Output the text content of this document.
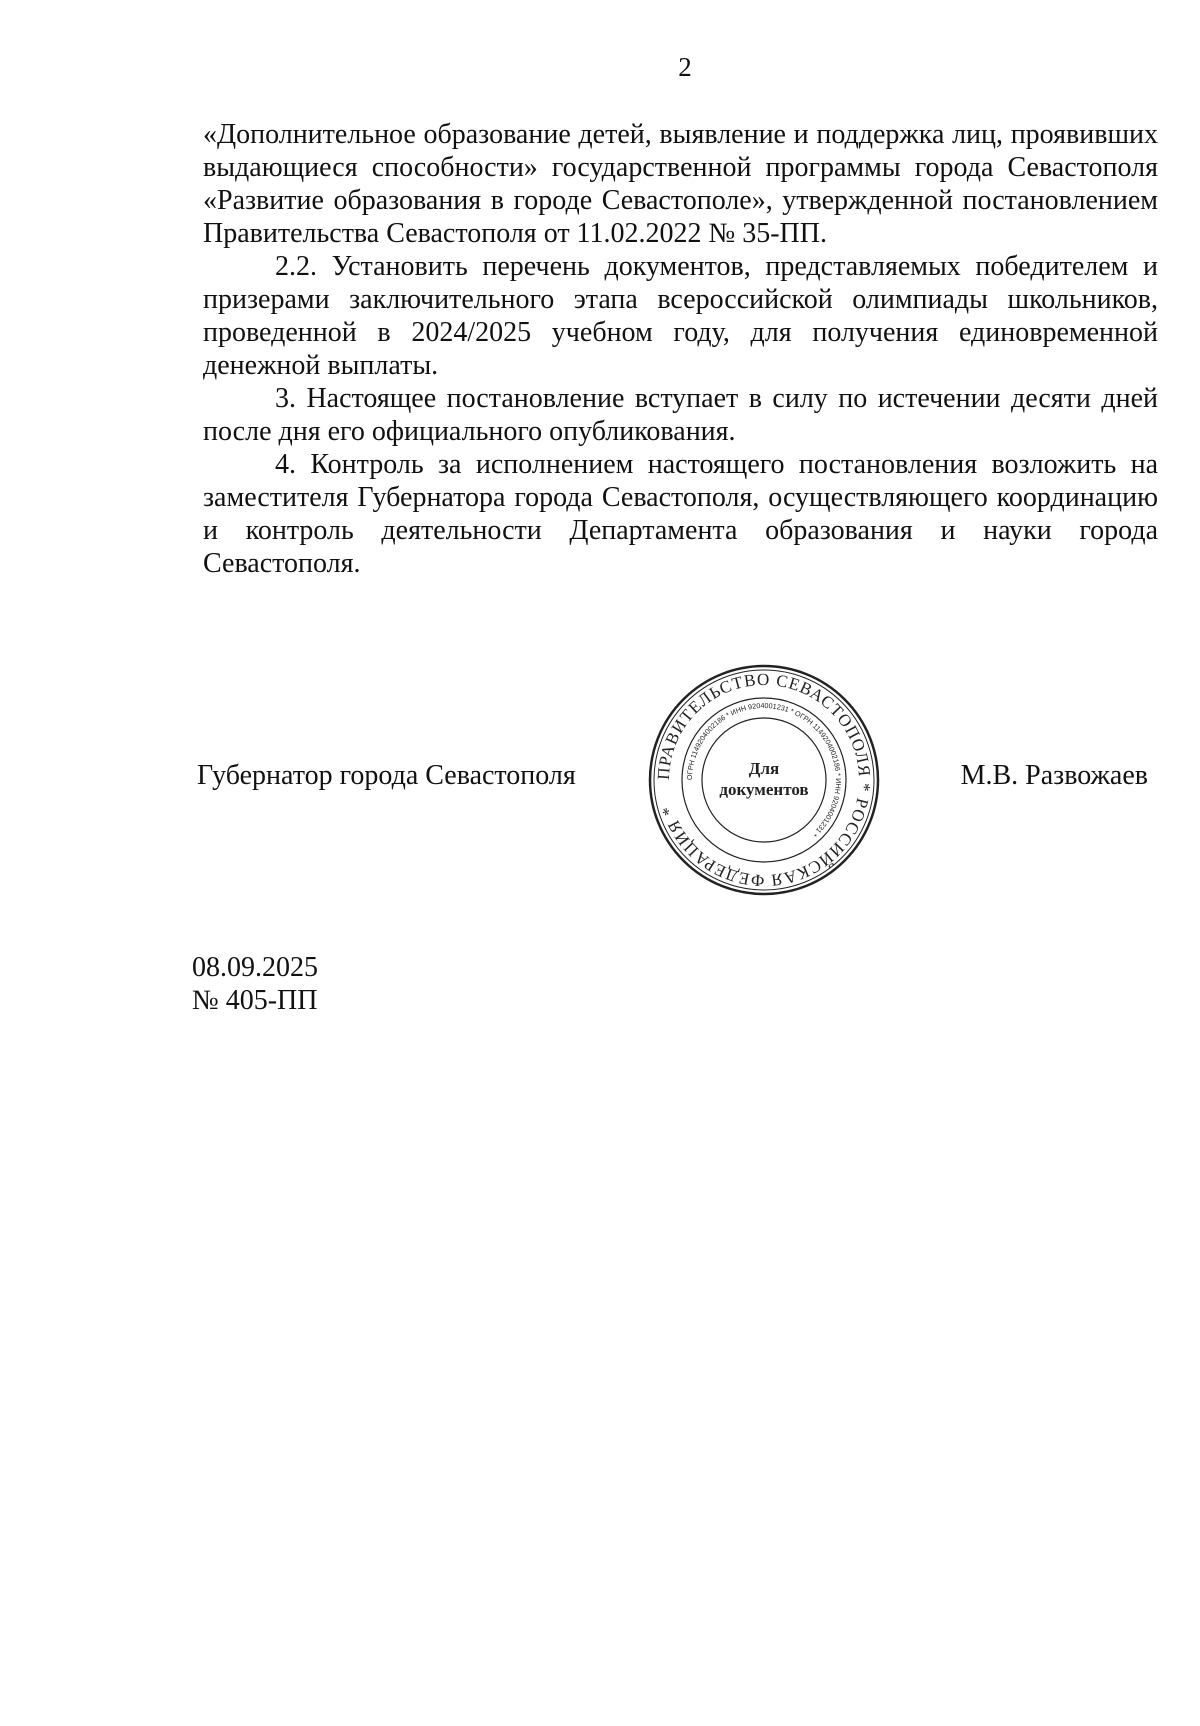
2

«Дополнительное образование детей, выявление и поддержка лиц, проявивших выдающиеся способности» государственной программы города Севастополя «Развитие образования в городе Севастополе», утвержденной постановлением Правительства Севастополя от 11.02.2022 № 35-ПП.

2.2. Установить перечень документов, представляемых победителем и призерами заключительного этапа всероссийской олимпиады школьников, проведенной в 2024/2025 учебном году, для получения единовременной денежной выплаты.

3. Настоящее постановление вступает в силу по истечении десяти дней после дня его официального опубликования.

4. Контроль за исполнением настоящего постановления возложить на заместителя Губернатора города Севастополя, осуществляющего координацию и контроль деятельности Департамента образования и науки города Севастополя.

Губернатор города Севастополя	ПРАВИТЕЛЬСТВО СЕВАСТОПОЛЯ * РОССИЙСКАЯ ФЕДЕРАЦИЯ *
ОГРН 1149204002186 * ИНН 9204001231 * ОГРН 1149204002186 * ИНН 9204001231 *
Для
документов	М.В. Развожаев
08.09.2025
№ 405-ПП
